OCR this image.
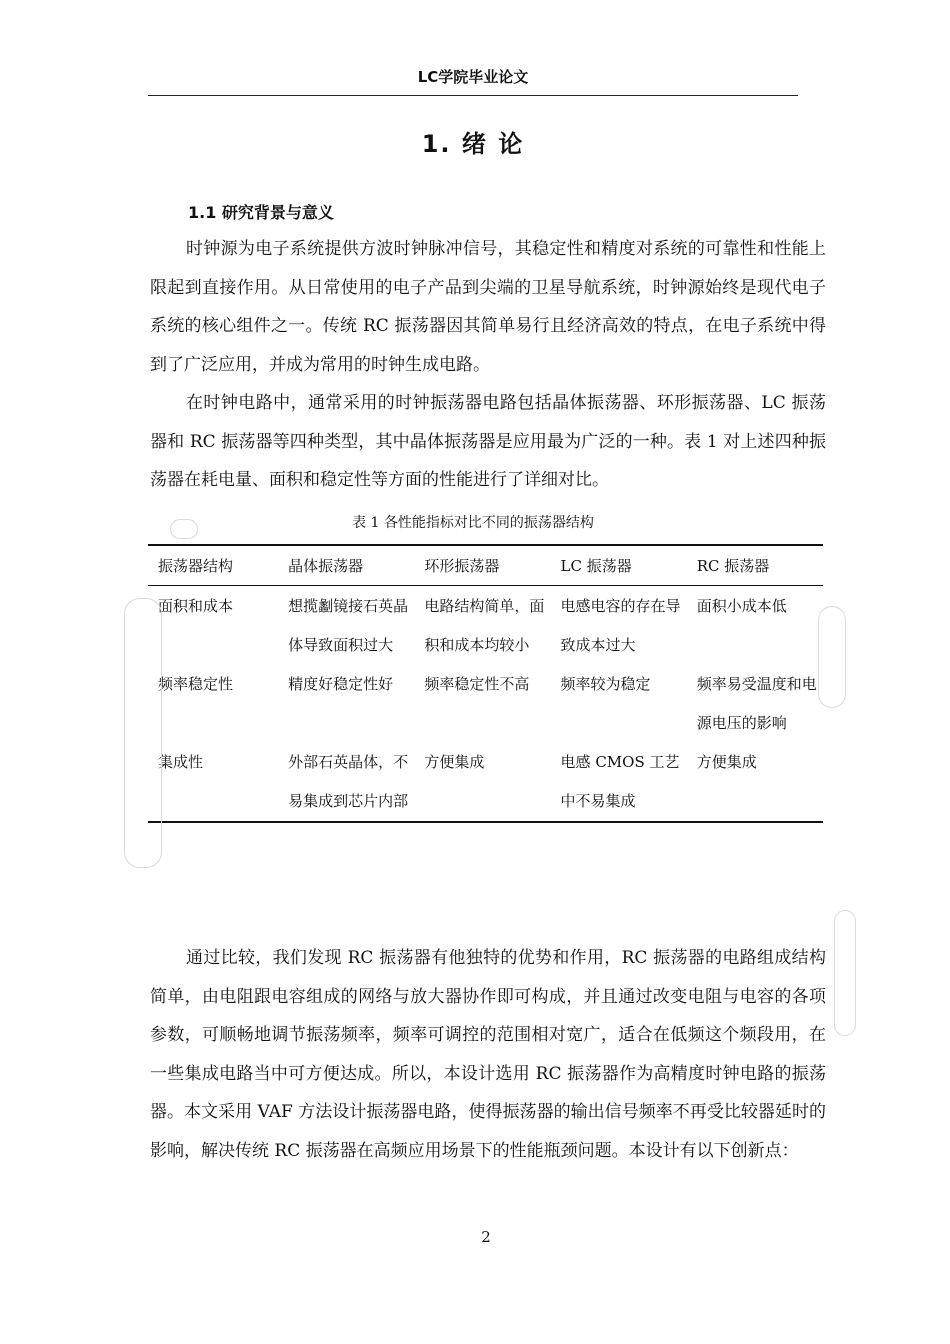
LC学院毕业论文
1. 绪 论
1.1 研究背景与意义

时钟源为电子系统提供方波时钟脉冲信号，其稳定性和精度对系统的可靠性和性能上限起到直接作用。从日常使用的电子产品到尖端的卫星导航系统，时钟源始终是现代电子系统的核心组件之一。传统 RC 振荡器因其简单易行且经济高效的特点，在电子系统中得到了广泛应用，并成为常用的时钟生成电路。

在时钟电路中，通常采用的时钟振荡器电路包括晶体振荡器、环形振荡器、LC 振荡器和 RC 振荡器等四种类型，其中晶体振荡器是应用最为广泛的一种。表 1 对上述四种振荡器在耗电量、面积和稳定性等方面的性能进行了详细对比。

表 1 各性能指标对比不同的振荡器结构
振荡器结构	晶体振荡器	环形振荡器	LC 振荡器	RC 振荡器
面积和成本	想揽劙镜接石英晶体导致面积过大	电路结构简单，面积和成本均较小	电感电容的存在导致成本过大	面积小成本低
频率稳定性	精度好稳定性好	频率稳定性不高	频率较为稳定	频率易受温度和电源电压的影响
集成性	外部石英晶体，不易集成到芯片内部	方便集成	电感 CMOS 工艺中不易集成	方便集成

通过比较，我们发现 RC 振荡器有他独特的优势和作用，RC 振荡器的电路组成结构简单，由电阻跟电容组成的网络与放大器协作即可构成，并且通过改变电阻与电容的各项参数，可顺畅地调节振荡频率，频率可调控的范围相对宽广，适合在低频这个频段用，在一些集成电路当中可方便达成。所以，本设计选用 RC 振荡器作为高精度时钟电路的振荡器。本文采用 VAF 方法设计振荡器电路，使得振荡器的输出信号频率不再受比较器延时的影响，解决传统 RC 振荡器在高频应用场景下的性能瓶颈问题。本设计有以下创新点：

2
